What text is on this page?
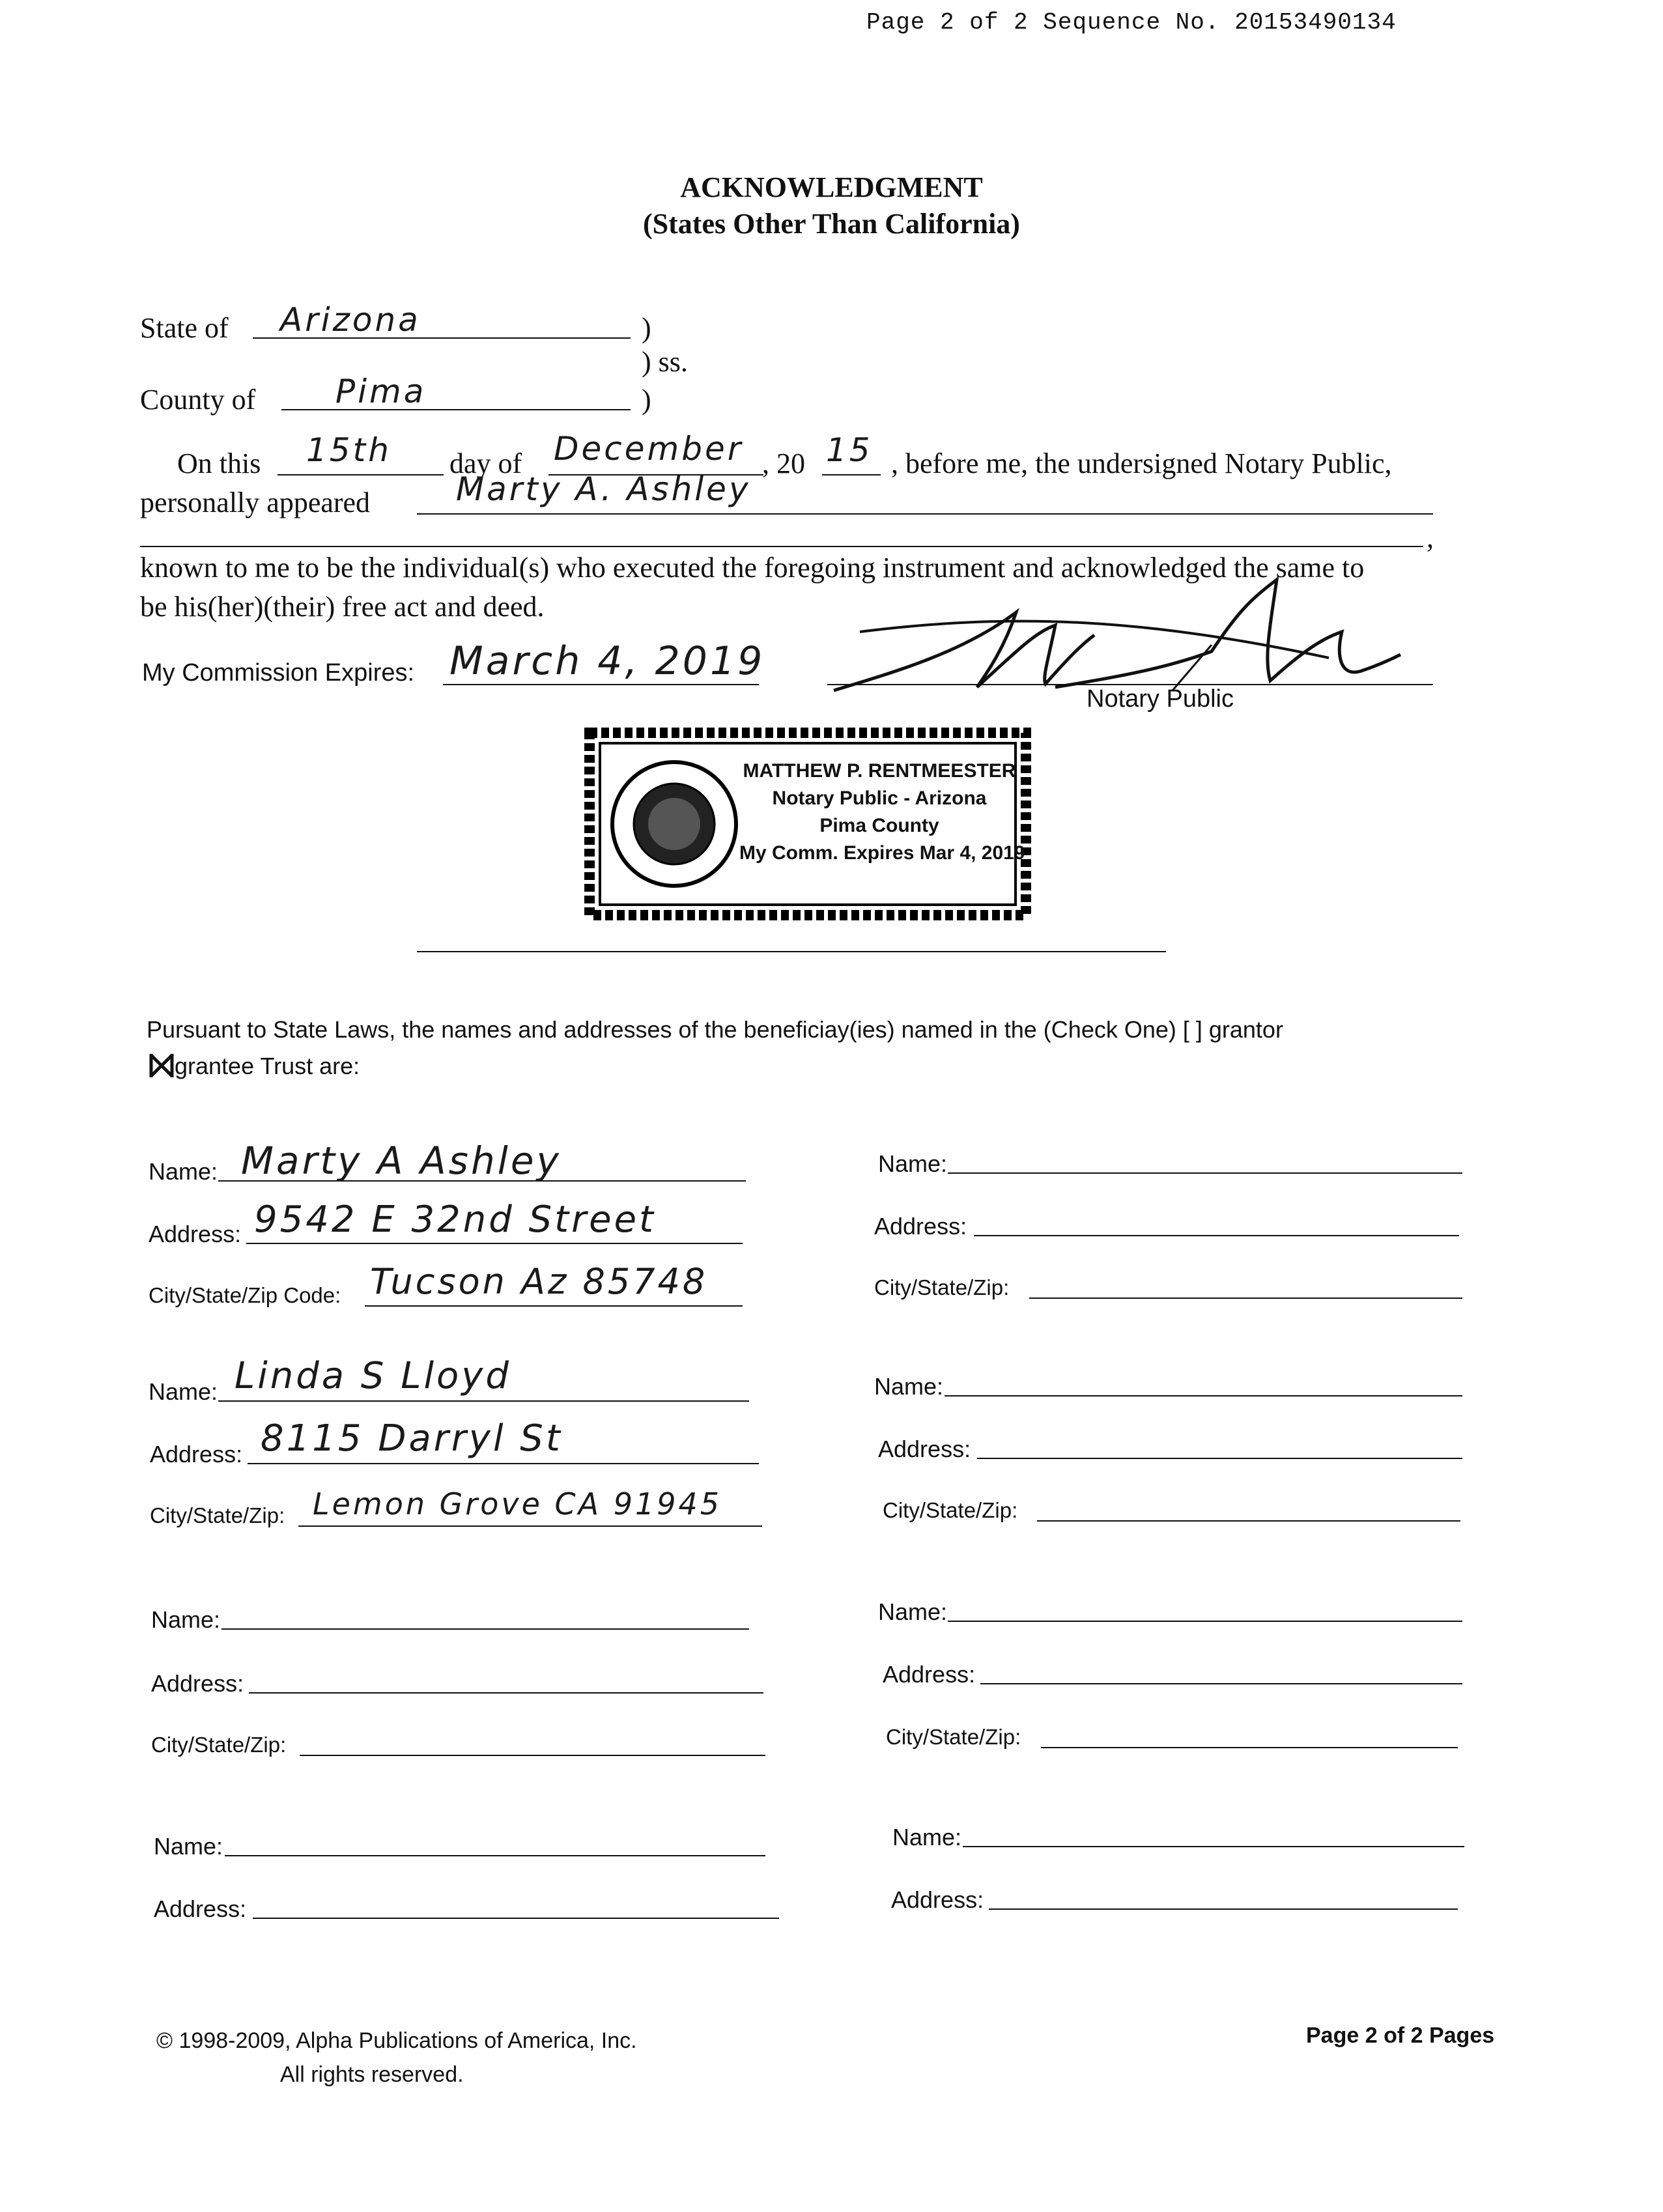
Page 2 of 2 Sequence No. 20153490134
ACKNOWLEDGMENT
(States Other Than California)
State of Arizona	)
) ss.
County of Pima	)
On this 15th day of December , 20 15 , before me, the undersigned Notary Public,
personally appeared	Marty A. Ashley
,
known to me to be the individual(s) who executed the foregoing instrument and acknowledged the same to
be his(her)(their) free act and deed.
My Commission Expires: March 4, 2019
Notary Public
MATTHEW P. RENTMEESTER
Notary Public - Arizona
Pima County
My Comm. Expires Mar 4, 2019
Pursuant to State Laws, the names and addresses of the beneficiay(ies) named in the (Check One) [ ] grantor
grantee Trust are:
Name: Marty A Ashley
Address: 9542 E 32nd Street
City/State/Zip Code: Tucson Az 85748
Name: Linda S Lloyd
Address: 8115 Darryl St
City/State/Zip: Lemon Grove CA 91945
Name:
Address:
City/State/Zip:
Name:
Address:
Name:
Address:
City/State/Zip:
Name:
Address:
City/State/Zip:
Name:
Address:
City/State/Zip:
Name:
Address:
© 1998-2009, Alpha Publications of America, Inc.
All rights reserved.
Page 2 of 2 Pages
